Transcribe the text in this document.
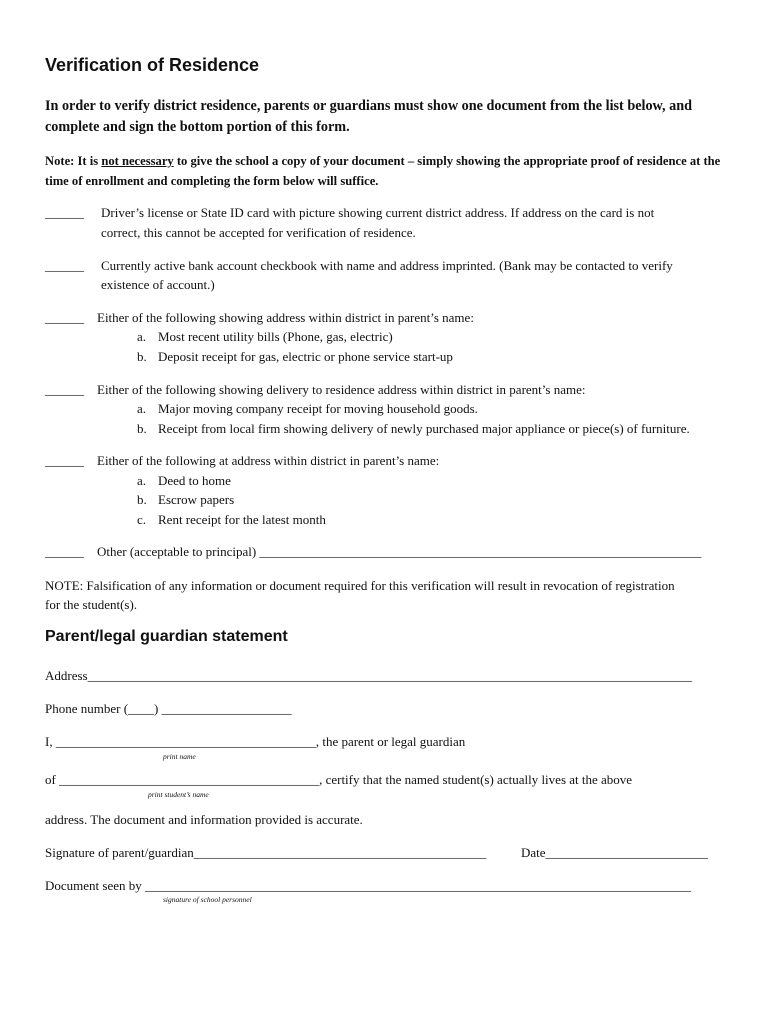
Verification of Residence
In order to verify district residence, parents or guardians must show one document from the list below, and complete and sign the bottom portion of this form.
Note: It is not necessary to give the school a copy of your document – simply showing the appropriate proof of residence at the time of enrollment and completing the form below will suffice.
______ Driver’s license or State ID card with picture showing current district address. If address on the card is not
correct, this cannot be accepted for verification of residence.
______ Currently active bank account checkbook with name and address imprinted. (Bank may be contacted to verify
existence of account.)
______ Either of the following showing address within district in parent’s name:
a. Most recent utility bills (Phone, gas, electric)
b. Deposit receipt for gas, electric or phone service start-up
______ Either of the following showing delivery to residence address within district in parent’s name:
a. Major moving company receipt for moving household goods.
b. Receipt from local firm showing delivery of newly purchased major appliance or piece(s) of furniture.
______ Either of the following at address within district in parent’s name:
a. Deed to home
b. Escrow papers
c. Rent receipt for the latest month
______ Other (acceptable to principal) ____________________________________________________________________
NOTE: Falsification of any information or document required for this verification will result in revocation of registration
for the student(s).
Parent/legal guardian statement
Address_____________________________________________________________________________________________
Phone number (____) ____________________
I, ________________________________________, the parent or legal guardian
print name
of ________________________________________, certify that the named student(s) actually lives at the above
print student’s name
address. The document and information provided is accurate.
Signature of parent/guardian_____________________________________________	Date_________________________
Document seen by ____________________________________________________________________________________
signature of school personnel
